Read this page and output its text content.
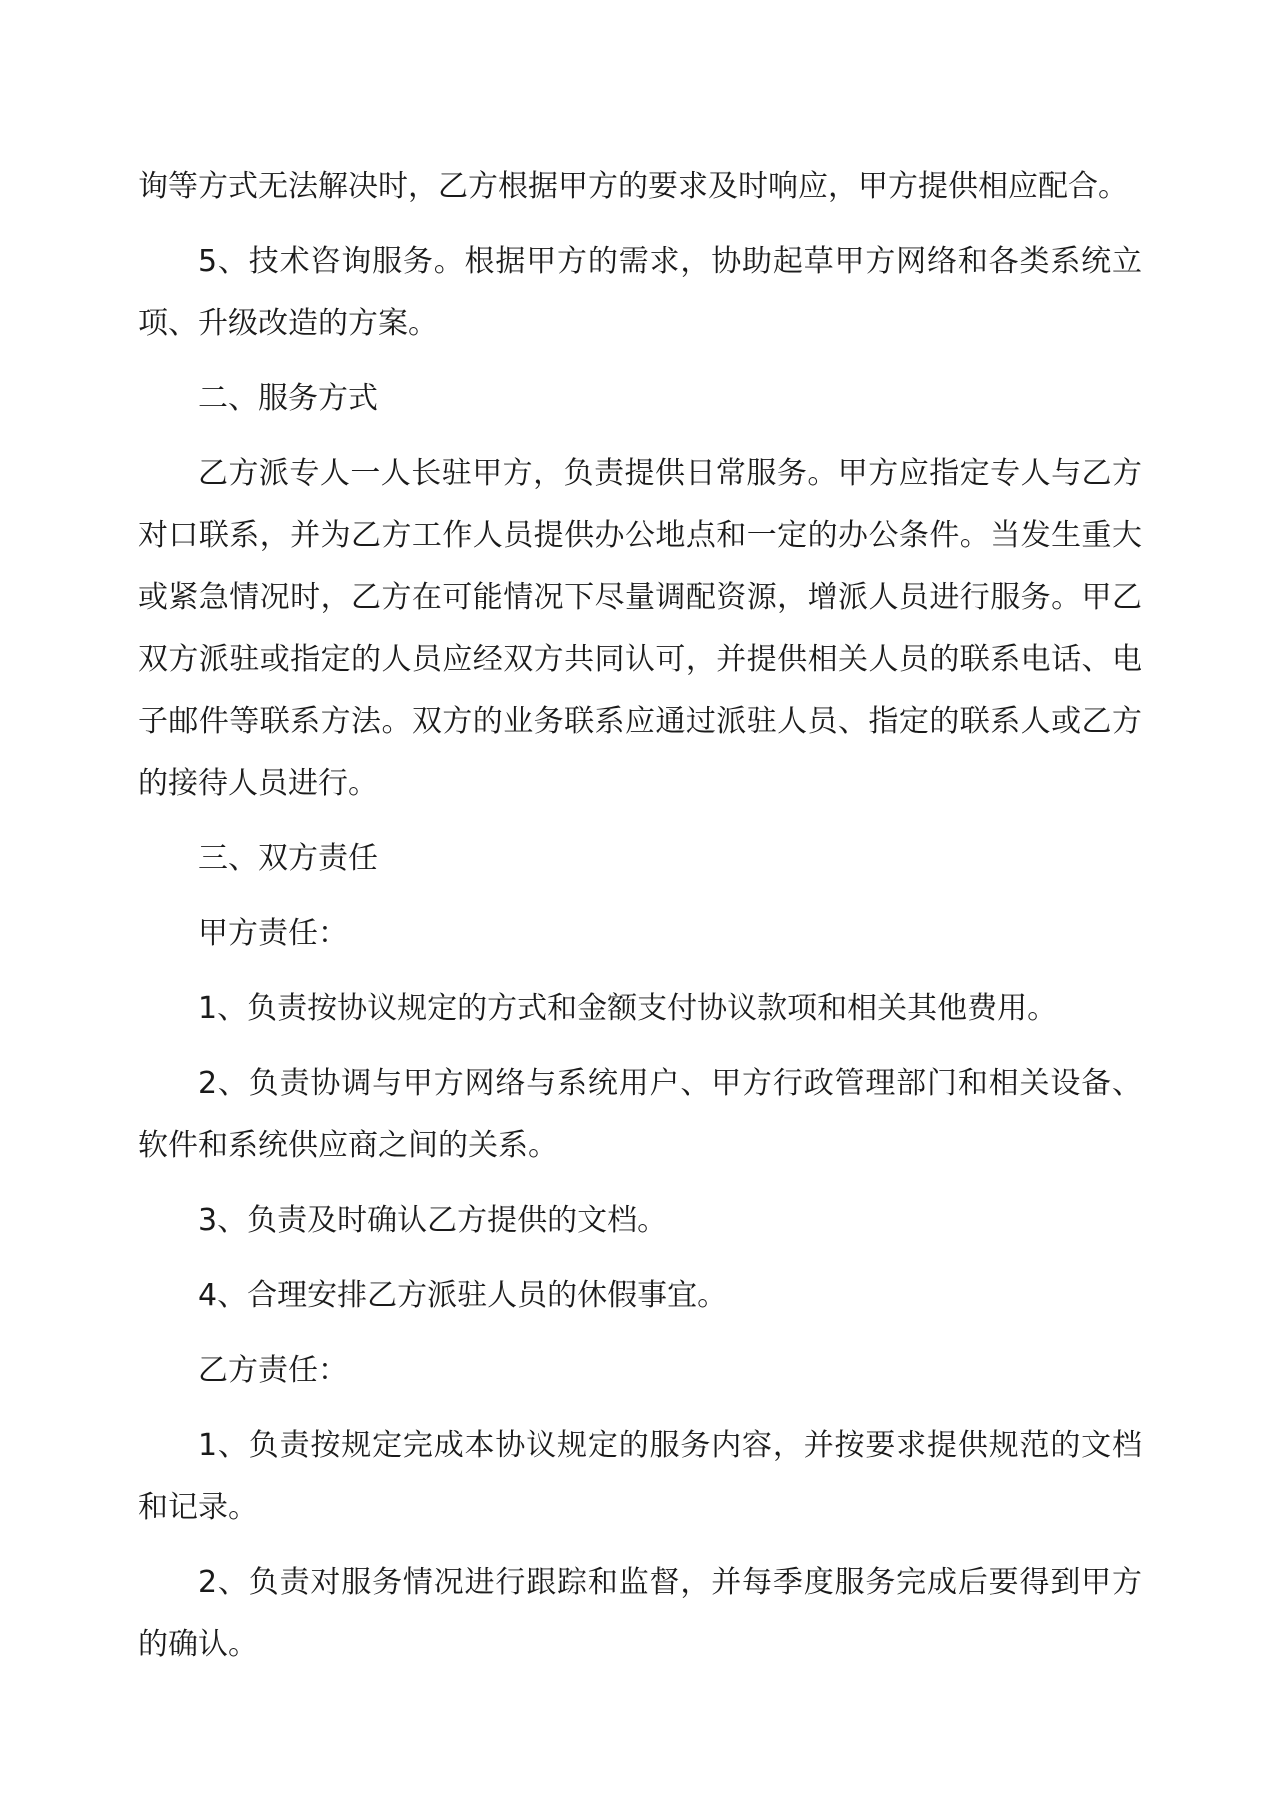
询等方式无法解决时，乙方根据甲方的要求及时响应，甲方提供相应配合。

5、技术咨询服务。根据甲方的需求，协助起草甲方网络和各类系统立项、升级改造的方案。

二、服务方式

乙方派专人一人长驻甲方，负责提供日常服务。甲方应指定专人与乙方对口联系，并为乙方工作人员提供办公地点和一定的办公条件。当发生重大或紧急情况时，乙方在可能情况下尽量调配资源，增派人员进行服务。甲乙双方派驻或指定的人员应经双方共同认可，并提供相关人员的联系电话、电子邮件等联系方法。双方的业务联系应通过派驻人员、指定的联系人或乙方的接待人员进行。

三、双方责任

甲方责任：

1、负责按协议规定的方式和金额支付协议款项和相关其他费用。

2、负责协调与甲方网络与系统用户、甲方行政管理部门和相关设备、软件和系统供应商之间的关系。

3、负责及时确认乙方提供的文档。

4、合理安排乙方派驻人员的休假事宜。

乙方责任：

1、负责按规定完成本协议规定的服务内容，并按要求提供规范的文档和记录。

2、负责对服务情况进行跟踪和监督，并每季度服务完成后要得到甲方的确认。
